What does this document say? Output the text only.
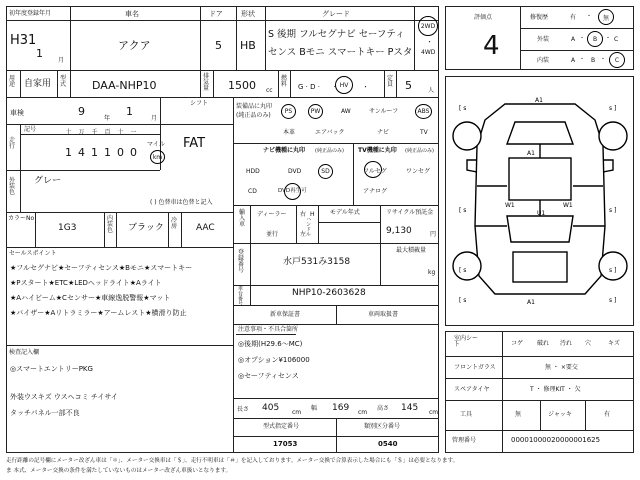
初年度登録年月
H31
1
月
車名
アクア
ドア
5
形状
HB
グレード
S 後期 フルセグナビ セーフティ
センス Bモニ スマートキー Pスタ
2WD
4WD
・
用途 自家用
型式 DAA-NHP10
排気量 1500 cc
燃料 G · D ·      · HV ・
定員 5	人
車検	9
年
1
月
シフト
FAT
走行
記号	十 万 千 百 十 一
1 4 1 1 0 0
マイル
km
外装色
グレー
( ) 色替車は色替と記入
カラーNo
1G3
内装色 ブラック
冷房 AAC
セールスポイント
★フルセグナビ★セーフティセンス★Bモニ★スマートキー
★Pスタート★ETC★LEDヘッドライト★Aライト
★Aハイビーム★Cセンサー★車線逸脱警報★マット
★バイザー★Aリトラミラー★アームレスト★横滑り防止
検査記入欄
◎スマートエントリーPKG
外装ウスキズ ウスヘコミ チイサイ
タッチパネル一部不良
装備品に丸印
(純正品のみ)
PS	PW	AW	サンルーフ	ABS
本革	エアバック	ナビ	TV
ナビ機種に丸印 (純正品のみ)
HDD	DVD	SD
CD	DVD再生可
TV機種に丸印 (純正品のみ)
フルセグ	ワンセグ
アナログ
輸入車
ディーラー
並行
右 H
左
ハンドル
モデル年式	リサイクル預託金
9,130	円
登録番号
水戸531み3158
最大積載量
kg
車台番号
NHP10-2603628
新車保証書	車両取扱書
注意事項・不具合箇所
◎後期(H29.6〜MC)
◎オプション¥106000
◎セーフティセンス
長さ 405 cm
幅 169 cm
高さ 145 cm
型式指定番号
17053
類別区分番号
0540
評価点
4
修復歴	有 ・ 無
外装	A ・ B ・ C
内装	A ・ B ・ C
A1
[ s	s ]
A1
W1	W1
U1
[ s	s ]
[ s	s ]
A1
[ s	s ]
室内シート	コゲ 破れ 汚れ 穴	キズ
フロントガラス	無 ・ ×要交
スペアタイヤ	T ・ 修理KIT ・ 欠
工具	無	ジャッキ	有
管理番号	00001000020000001625
走行距離の記号欄にメーター改ざん車は「＊」、メーター交換車は「＄」、走行不明車は「＃」を記入しております。メーター交換で合算表示した場合にも「＄」は必要となります。
ま 本式、メーター交換の条件を満たしていないものはメーター改ざん車扱いとなります。
